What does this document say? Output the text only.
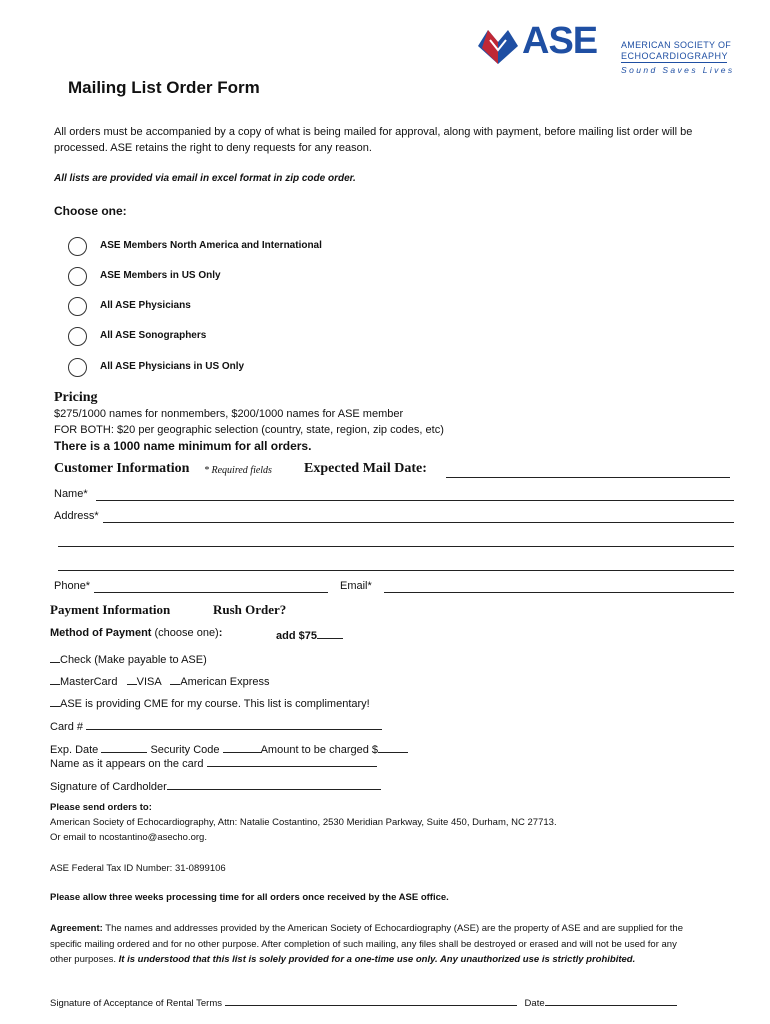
ASE	AMERICAN SOCIETY OF
ECHOCARDIOGRAPHY
Sound Saves Lives
Mailing List Order Form
All orders must be accompanied by a copy of what is being mailed for approval, along with payment, before mailing list order will be processed. ASE retains the right to deny requests for any reason.
All lists are provided via email in excel format in zip code order.
Choose one:
ASE Members North America and International
ASE Members in US Only
All ASE Physicians
All ASE Sonographers
All ASE Physicians in US Only
Pricing
$275/1000 names for nonmembers, $200/1000 names for ASE member
FOR BOTH: $20 per geographic selection (country, state, region, zip codes, etc)
There is a 1000 name minimum for all orders.
Customer Information * Required fields Expected Mail Date:
Name*
Address*
Phone*	Email*
Payment Information	Rush Order?
Method of Payment (choose one):	add $75
Check (Make payable to ASE)
MasterCard VISA American Express
ASE is providing CME for my course. This list is complimentary!
Card #
Exp. Date	Security Code	Amount to be charged $
Name as it appears on the card
Signature of Cardholder
Please send orders to:
American Society of Echocardiography, Attn: Natalie Costantino, 2530 Meridian Parkway, Suite 450, Durham, NC 27713.
Or email to ncostantino@asecho.org.
ASE Federal Tax ID Number: 31-0899106
Please allow three weeks processing time for all orders once received by the ASE office.
Agreement: The names and addresses provided by the American Society of Echocardiography (ASE) are the property of ASE and are supplied for the specific mailing ordered and for no other purpose. After completion of such mailing, any files shall be destroyed or erased and will not be used for any other purposes. It is understood that this list is solely provided for a one-time use only. Any unauthorized use is strictly prohibited.
Signature of Acceptance of Rental Terms	Date
